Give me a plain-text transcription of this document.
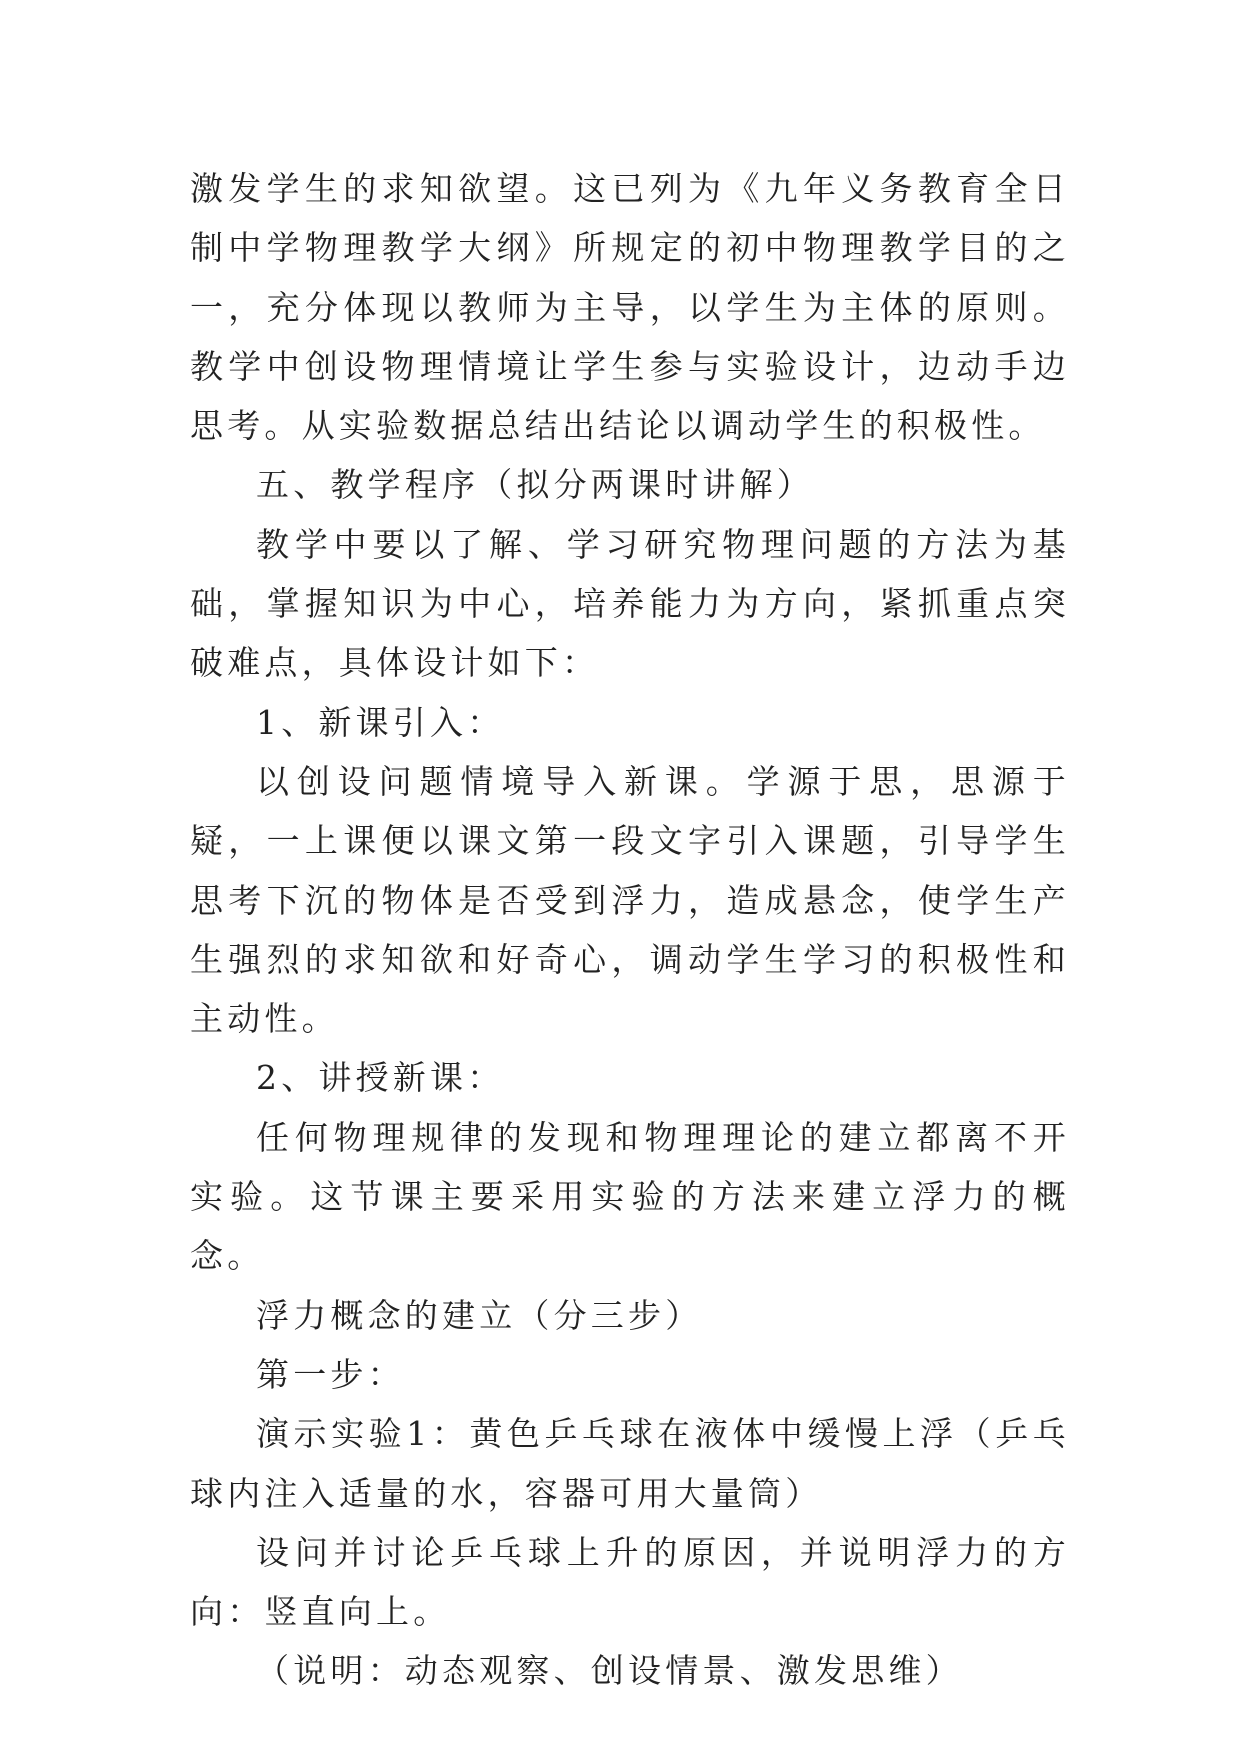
激发学生的求知欲望。这已列为《九年义务教育全日制中学物理教学大纲》所规定的初中物理教学目的之一，充分体现以教师为主导，以学生为主体的原则。教学中创设物理情境让学生参与实验设计，边动手边思考。从实验数据总结出结论以调动学生的积极性。

五、教学程序（拟分两课时讲解）

教学中要以了解、学习研究物理问题的方法为基础，掌握知识为中心，培养能力为方向，紧抓重点突破难点，具体设计如下：

1、新课引入：

以创设问题情境导入新课。学源于思，思源于疑，一上课便以课文第一段文字引入课题，引导学生思考下沉的物体是否受到浮力，造成悬念，使学生产生强烈的求知欲和好奇心，调动学生学习的积极性和主动性。

2、讲授新课：

任何物理规律的发现和物理理论的建立都离不开实验。这节课主要采用实验的方法来建立浮力的概念。

浮力概念的建立（分三步）

第一步：

演示实验1：黄色乒乓球在液体中缓慢上浮（乒乓球内注入适量的水，容器可用大量筒）

设问并讨论乒乓球上升的原因，并说明浮力的方向：竖直向上。

（说明：动态观察、创设情景、激发思维）
